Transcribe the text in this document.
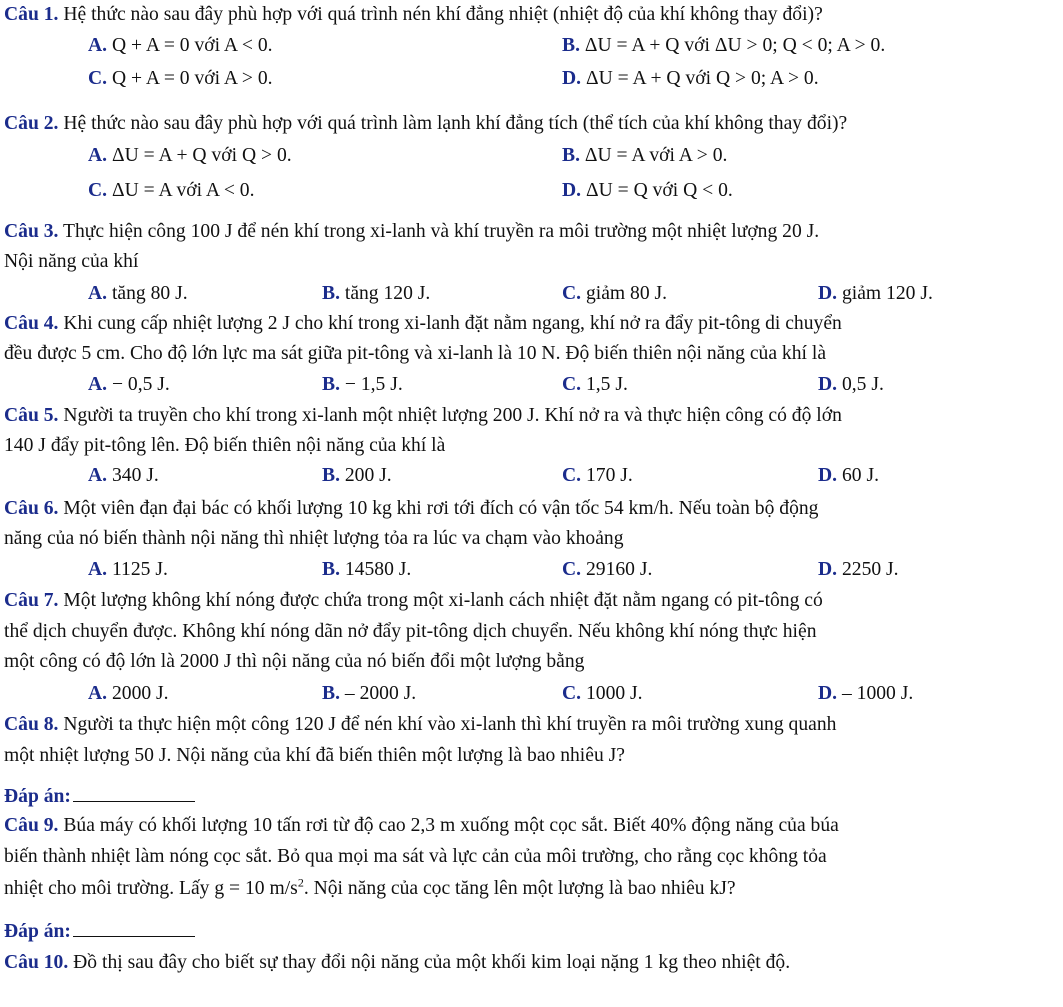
Câu 1. Hệ thức nào sau đây phù hợp với quá trình nén khí đẳng nhiệt (nhiệt độ của khí không thay đổi)?
A. Q + A = 0 với A < 0.	B. ΔU = A + Q với ΔU > 0; Q < 0; A > 0.
C. Q + A = 0 với A > 0.	D. ΔU = A + Q với Q > 0; A > 0.
Câu 2. Hệ thức nào sau đây phù hợp với quá trình làm lạnh khí đẳng tích (thể tích của khí không thay đổi)?
A. ΔU = A + Q với Q > 0.	B. ΔU = A với A > 0.
C. ΔU = A với A < 0.	D. ΔU = Q với Q < 0.
Câu 3. Thực hiện công 100 J để nén khí trong xi-lanh và khí truyền ra môi trường một nhiệt lượng 20 J.
Nội năng của khí
A. tăng 80 J.	B. tăng 120 J.	C. giảm 80 J.	D. giảm 120 J.
Câu 4. Khi cung cấp nhiệt lượng 2 J cho khí trong xi-lanh đặt nằm ngang, khí nở ra đẩy pit-tông di chuyển
đều được 5 cm. Cho độ lớn lực ma sát giữa pit-tông và xi-lanh là 10 N. Độ biến thiên nội năng của khí là
A. − 0,5 J.	B. − 1,5 J.	C. 1,5 J.	D. 0,5 J.
Câu 5. Người ta truyền cho khí trong xi-lanh một nhiệt lượng 200 J. Khí nở ra và thực hiện công có độ lớn
140 J đẩy pit-tông lên. Độ biến thiên nội năng của khí là
A. 340 J.	B. 200 J.	C. 170 J.	D. 60 J.
Câu 6. Một viên đạn đại bác có khối lượng 10 kg khi rơi tới đích có vận tốc 54 km/h. Nếu toàn bộ động
năng của nó biến thành nội năng thì nhiệt lượng tỏa ra lúc va chạm vào khoảng
A. 1125 J.	B. 14580 J.	C. 29160 J.	D. 2250 J.
Câu 7. Một lượng không khí nóng được chứa trong một xi-lanh cách nhiệt đặt nằm ngang có pit-tông có
thể dịch chuyển được. Không khí nóng dãn nở đẩy pit-tông dịch chuyển. Nếu không khí nóng thực hiện
một công có độ lớn là 2000 J thì nội năng của nó biến đổi một lượng bằng
A. 2000 J.	B. – 2000 J.	C. 1000 J.	D. – 1000 J.
Câu 8. Người ta thực hiện một công 120 J để nén khí vào xi-lanh thì khí truyền ra môi trường xung quanh
một nhiệt lượng 50 J. Nội năng của khí đã biến thiên một lượng là bao nhiêu J?
Đáp án:
Câu 9. Búa máy có khối lượng 10 tấn rơi từ độ cao 2,3 m xuống một cọc sắt. Biết 40% động năng của búa
biến thành nhiệt làm nóng cọc sắt. Bỏ qua mọi ma sát và lực cản của môi trường, cho rằng cọc không tỏa
nhiệt cho môi trường. Lấy g = 10 $m/s^2$. Nội năng của cọc tăng lên một lượng là bao nhiêu kJ?
Đáp án:
Câu 10. Đồ thị sau đây cho biết sự thay đổi nội năng của một khối kim loại nặng 1 kg theo nhiệt độ.
